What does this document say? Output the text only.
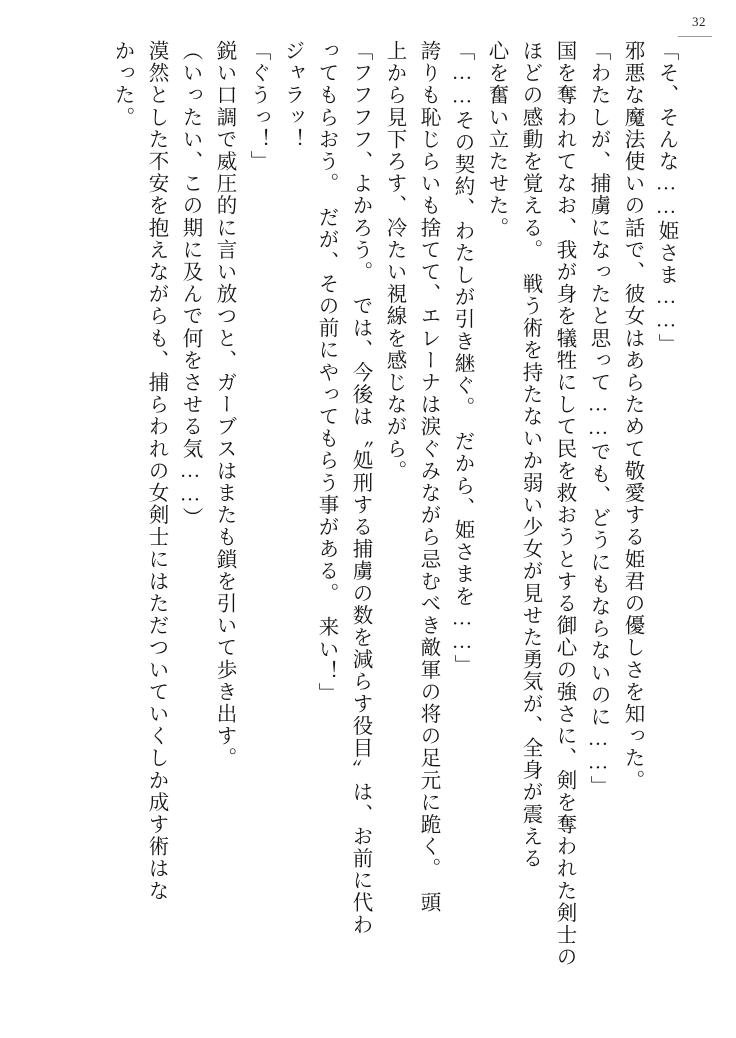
32
「そ、そんな……姫さま……」
邪悪な魔法使いの話で、彼女はあらためて敬愛する姫君の優しさを知った。
「わたしが、捕虜になったと思って……でも、どうにもならないのに……」
国を奪われてなお、我が身を犠牲にして民を救おうとする御心の強さに、剣を奪われた剣士の
ほどの感動を覚える。　戦う術を持たないか弱い少女が見せた勇気が、全身が震える
心を奮い立たせた。
「……その契約、わたしが引き継ぐ。　だから、姫さまを……」
誇りも恥じらいも捨てて、エレーナは涙ぐみながら忌むべき敵軍の将の足元に跪く。　頭
上から見下ろす、冷たい視線を感じながら。
「フフフフ、よかろう。　では、今後は〝処刑する捕虜の数を減らす役目〟は、お前に代わ
ってもらおう。　だが、その前にやってもらう事がある。　来い！」
ジャラッ！
「ぐうっ！」
鋭い口調で威圧的に言い放つと、ガーブスはまたも鎖を引いて歩き出す。
（いったい、この期に及んで何をさせる気……）
漠然とした不安を抱えながらも、捕らわれの女剣士にはただついていくしか成す術はな
かった。
